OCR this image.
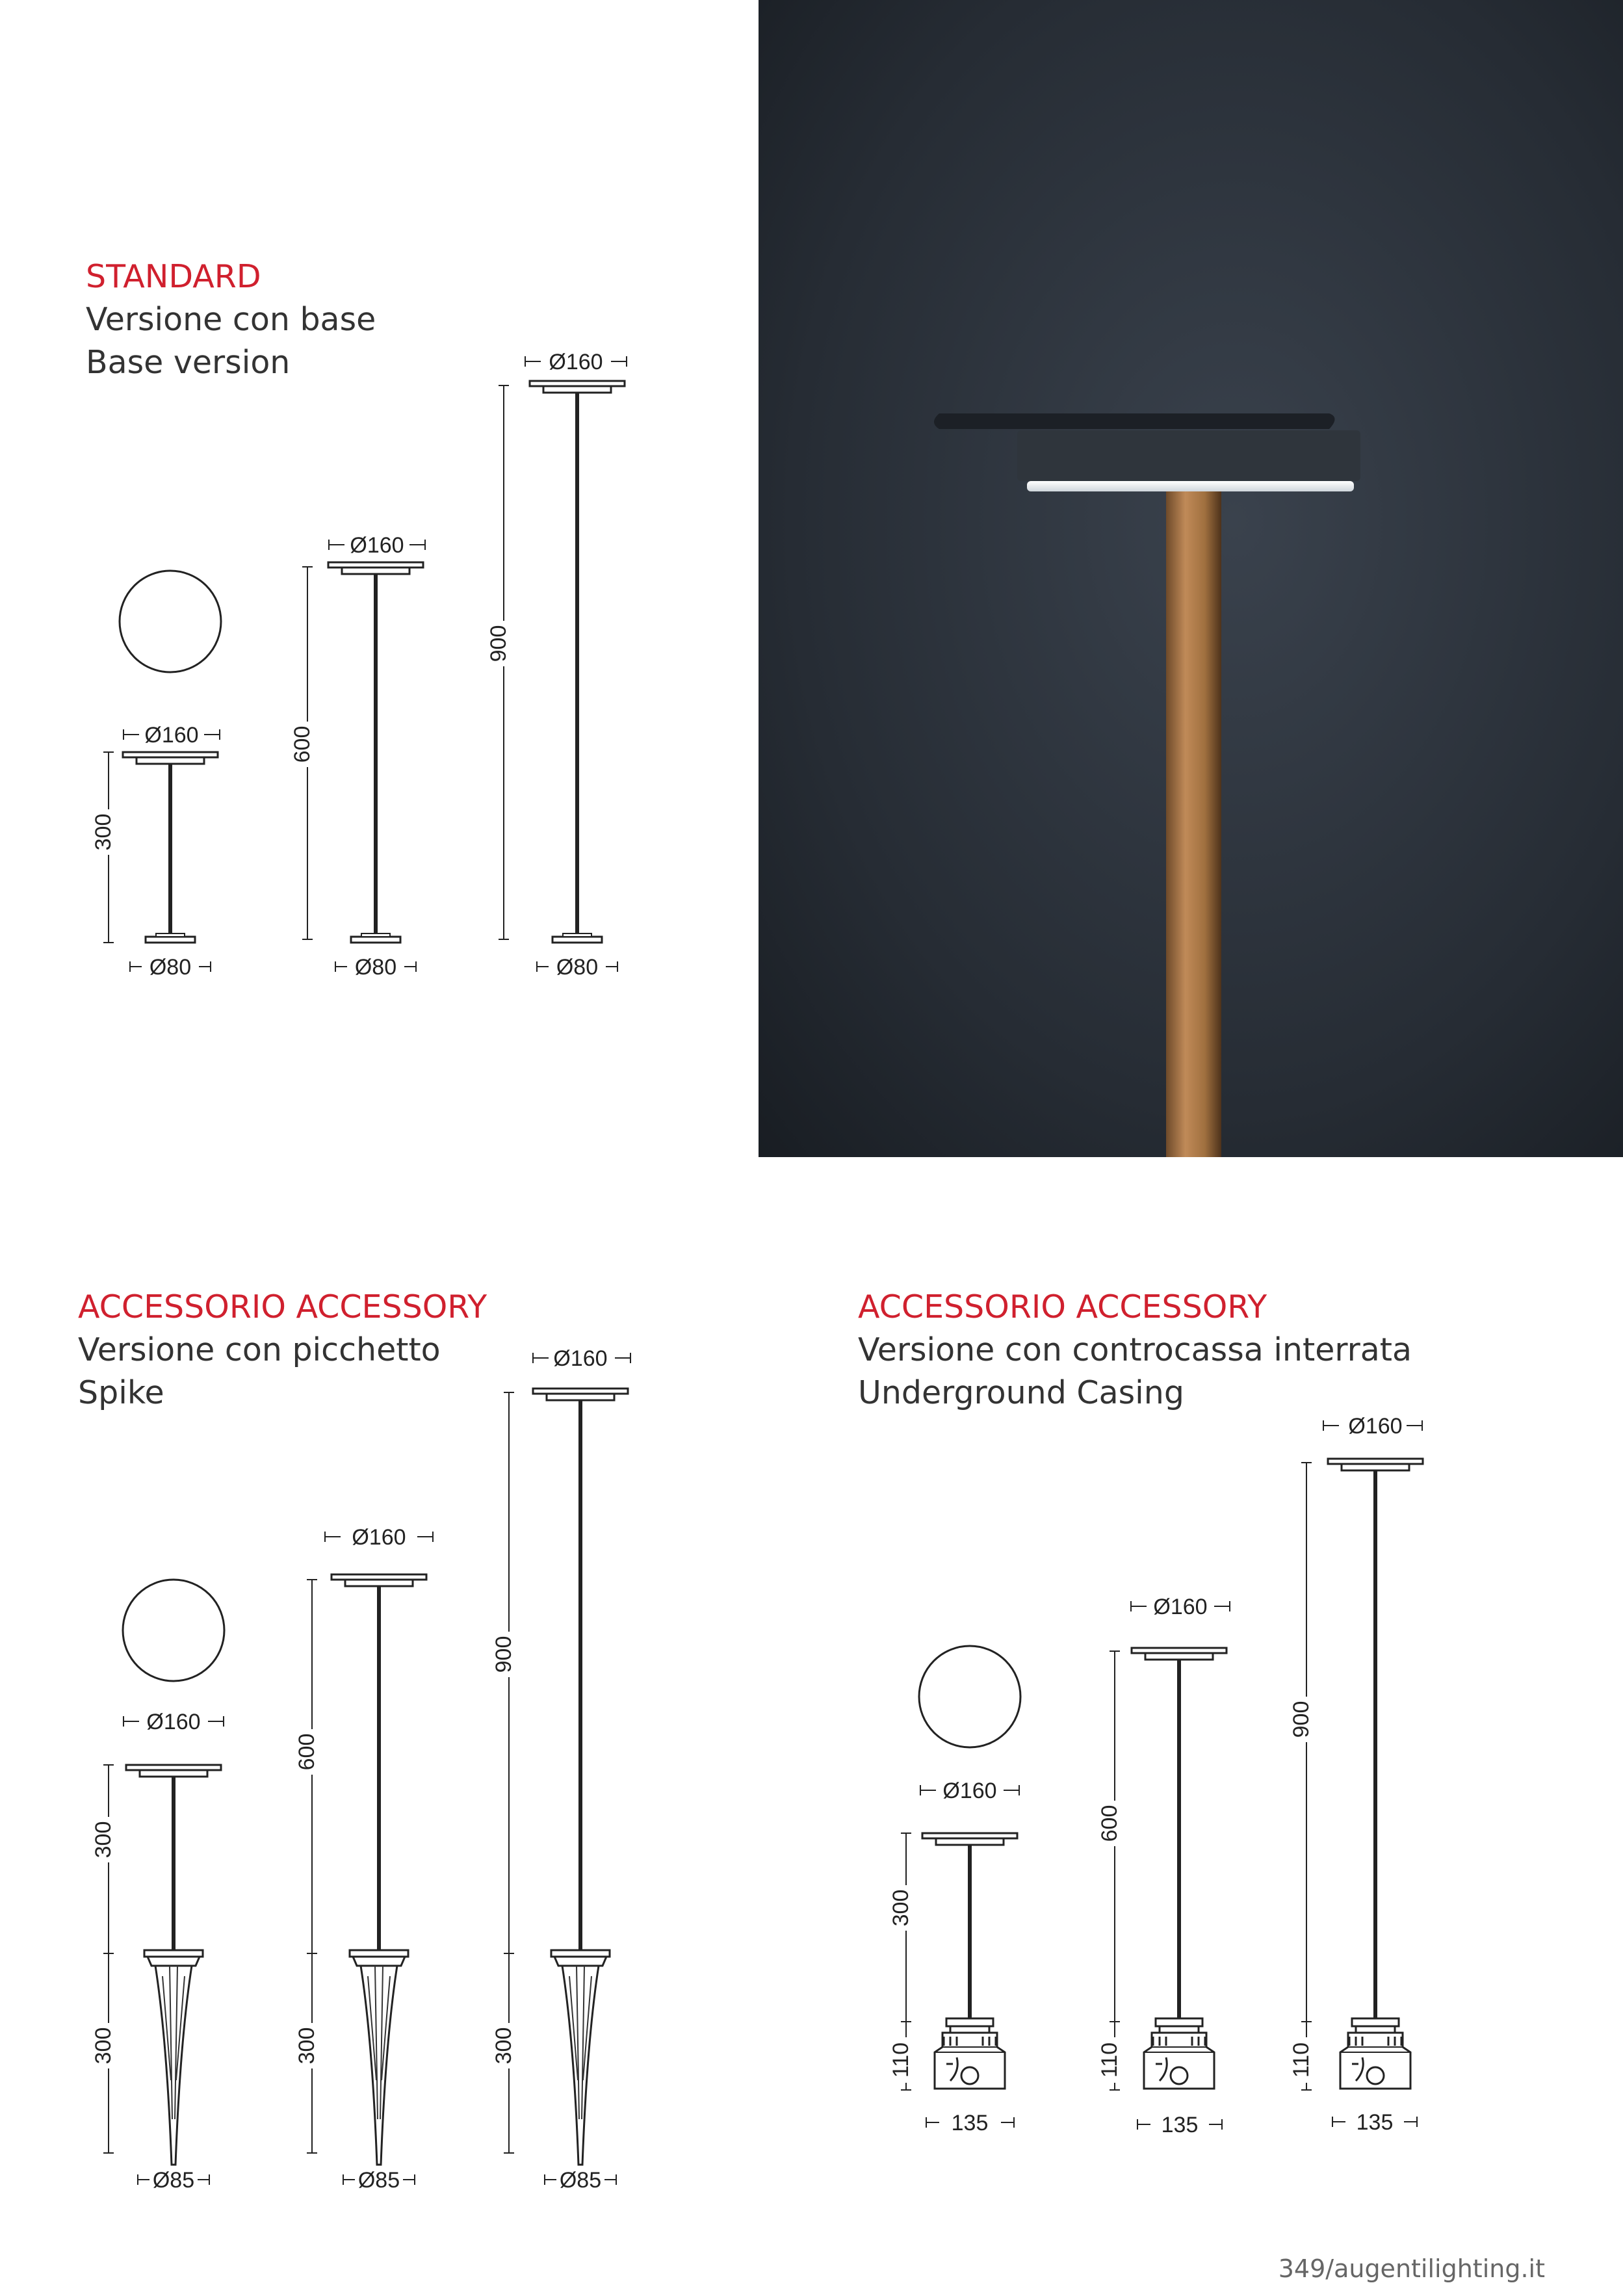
STANDARD
Versione con base
Base version
ACCESSORIO ACCESSORY
Versione con picchetto
Spike
ACCESSORIO ACCESSORY
Versione con controcassa interrata
Underground Casing
Ø160
300
Ø80
Ø160
600
Ø80
Ø160
900
Ø80
Ø160
300
300
Ø85
Ø160
600
300
Ø85
Ø160
900
300
Ø85
Ø160
300
110
135
Ø160
600
110
135
Ø160
900
110
135
349/augentilighting.it
